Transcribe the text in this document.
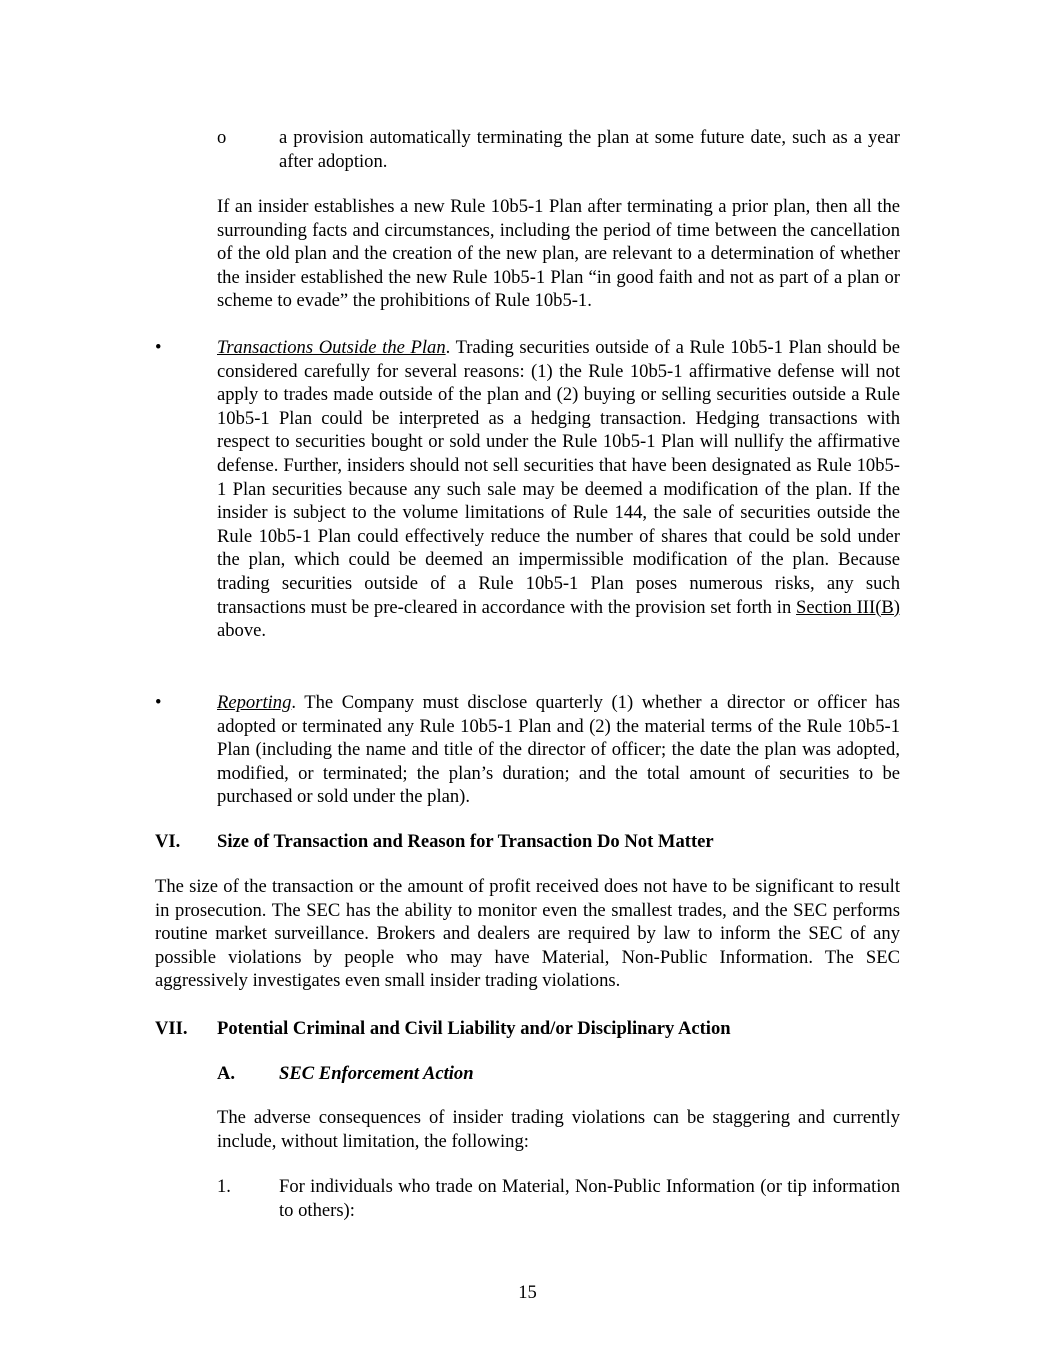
o	a provision automatically terminating the plan at some future date, such as a year after adoption.
If an insider establishes a new Rule 10b5-1 Plan after terminating a prior plan, then all the surrounding facts and circumstances, including the period of time between the cancellation of the old plan and the creation of the new plan, are relevant to a determination of whether the insider established the new Rule 10b5-1 Plan “in good faith and not as part of a plan or scheme to evade” the prohibitions of Rule 10b5-1.
•	Transactions Outside the Plan. Trading securities outside of a Rule 10b5-1 Plan should be considered carefully for several reasons: (1) the Rule 10b5-1 affirmative defense will not apply to trades made outside of the plan and (2) buying or selling securities outside a Rule 10b5-1 Plan could be interpreted as a hedging transaction. Hedging transactions with respect to securities bought or sold under the Rule 10b5-1 Plan will nullify the affirmative defense. Further, insiders should not sell securities that have been designated as Rule 10b5-1 Plan securities because any such sale may be deemed a modification of the plan. If the insider is subject to the volume limitations of Rule 144, the sale of securities outside the Rule 10b5-1 Plan could effectively reduce the number of shares that could be sold under the plan, which could be deemed an impermissible modification of the plan. Because trading securities outside of a Rule 10b5-1 Plan poses numerous risks, any such transactions must be pre-cleared in accordance with the provision set forth in Section III(B) above.
•	Reporting. The Company must disclose quarterly (1) whether a director or officer has adopted or terminated any Rule 10b5-1 Plan and (2) the material terms of the Rule 10b5-1 Plan (including the name and title of the director of officer; the date the plan was adopted, modified, or terminated; the plan’s duration; and the total amount of securities to be purchased or sold under the plan).
VI. Size of Transaction and Reason for Transaction Do Not Matter
The size of the transaction or the amount of profit received does not have to be significant to result in prosecution. The SEC has the ability to monitor even the smallest trades, and the SEC performs routine market surveillance. Brokers and dealers are required by law to inform the SEC of any possible violations by people who may have Material, Non-Public Information. The SEC aggressively investigates even small insider trading violations.
VII. Potential Criminal and Civil Liability and/or Disciplinary Action
A. SEC Enforcement Action
The adverse consequences of insider trading violations can be staggering and currently include, without limitation, the following:
1.	For individuals who trade on Material, Non-Public Information (or tip information to others):
15
